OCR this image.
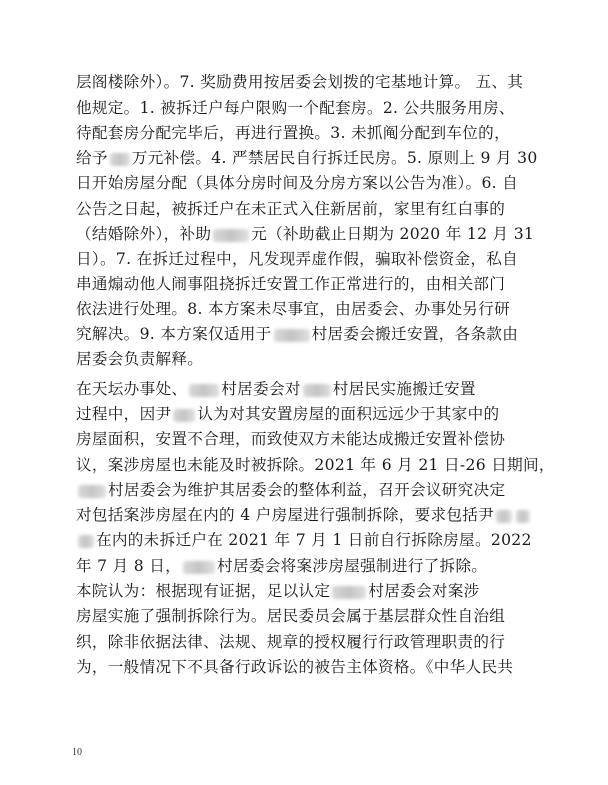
层阁楼除外）。7. 奖励费用按居委会划拨的宅基地计算。 五、其
他规定。1. 被拆迁户每户限购一个配套房。2. 公共服务用房、
待配套房分配完毕后，再进行置换。3. 未抓阄分配到车位的，
给予 万元补偿。4. 严禁居民自行拆迁民房。5. 原则上 9 月 30
日开始房屋分配（具体分房时间及分房方案以公告为准）。6. 自
公告之日起，被拆迁户在未正式入住新居前，家里有红白事的
（结婚除外），补助	元（补助截止日期为 2020 年 12 月 31
日）。7. 在拆迁过程中，凡发现弄虚作假，骗取补偿资金，私自
串通煽动他人闹事阻挠拆迁安置工作正常进行的，由相关部门
依法进行处理。8. 本方案未尽事宜，由居委会、办事处另行研
究解决。9. 本方案仅适用于	村居委会搬迁安置，各条款由
居委会负责解释。
在天坛办事处、 村居委会对 村居民实施搬迁安置
过程中，因尹 认为对其安置房屋的面积远远少于其家中的
房屋面积，安置不合理，而致使双方未能达成搬迁安置补偿协
议，案涉房屋也未能及时被拆除。2021 年 6 月 21 日-26 日期间，
村居委会为维护其居委会的整体利益，召开会议研究决定
对包括案涉房屋在内的 4 户房屋进行强制拆除，要求包括尹
在内的未拆迁户在 2021 年 7 月 1 日前自行拆除房屋。2022
年 7 月 8 日， 村居委会将案涉房屋强制进行了拆除。
本院认为：根据现有证据，足以认定 村居委会对案涉
房屋实施了强制拆除行为。居民委员会属于基层群众性自治组
织，除非依据法律、法规、规章的授权履行行政管理职责的行
为，一般情况下不具备行政诉讼的被告主体资格。《中华人民共
10
